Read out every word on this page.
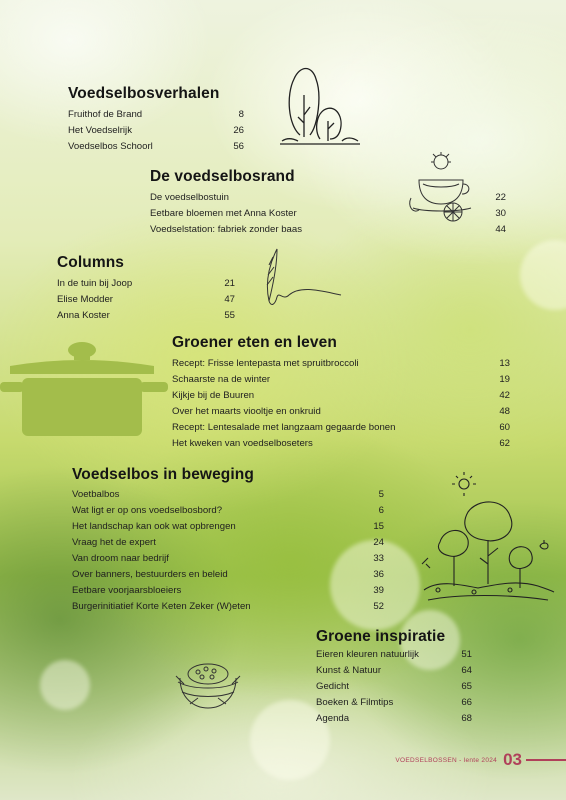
Voedselbosverhalen
Fruithof de Brand	8
Het Voedselrijk	26
Voedselbos Schoorl	56
De voedselbosrand
De voedselbostuin	22
Eetbare bloemen met Anna Koster	30
Voedselstation: fabriek zonder baas	44
Columns
In de tuin bij Joop	21
Elise Modder	47
Anna Koster	55
Groener eten en leven
Recept: Frisse lentepasta met spruitbroccoli	13
Schaarste na de winter	19
Kijkje bij de Buuren	42
Over het maarts viooltje en onkruid	48
Recept: Lentesalade met langzaam gegaarde bonen	60
Het kweken van voedselboseters	62
Voedselbos in beweging
Voetbalbos	5
Wat ligt er op ons voedselbosbord?	6
Het landschap kan ook wat opbrengen	15
Vraag het de expert	24
Van droom naar bedrijf	33
Over banners, bestuurders en beleid	36
Eetbare voorjaarsbloeiers	39
Burgerinitiatief Korte Keten Zeker (W)eten	52
Groene inspiratie
Eieren kleuren natuurlijk	51
Kunst & Natuur	64
Gedicht	65
Boeken & Filmtips	66
Agenda	68
VOEDSELBOSSEN - lente 2024 03
